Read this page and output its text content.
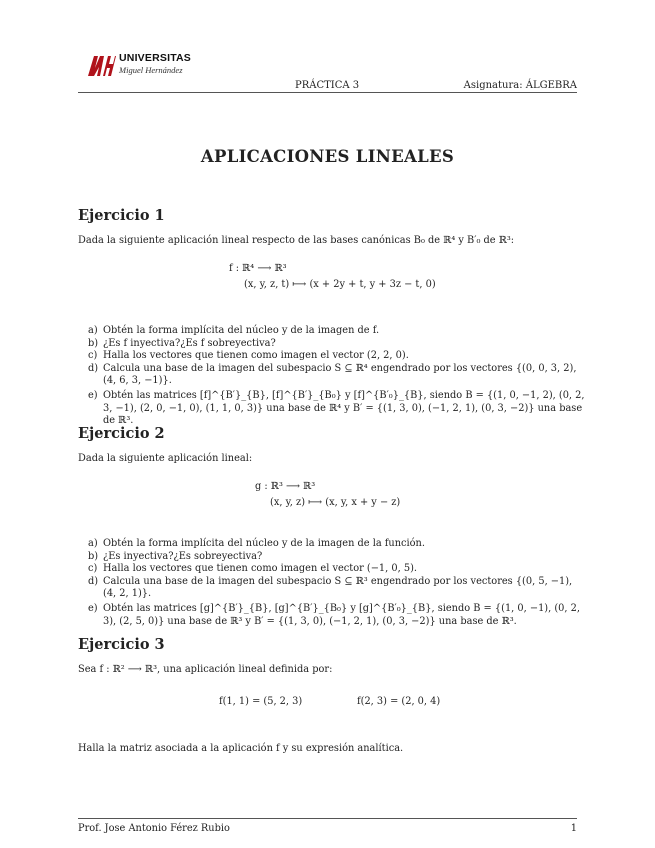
UNIVERSITAS
Miguel Hernández
PRÁCTICA 3	Asignatura: ÁLGEBRA
APLICACIONES LINEALES
Ejercicio 1

Dada la siguiente aplicación lineal respecto de las bases canónicas B₀ de ℝ⁴ y B′₀ de ℝ³:

f : ℝ⁴ ⟶ ℝ³
(x, y, z, t) ⟼ (x + 2y + t, y + 3z − t, 0)
a) Obtén la forma implícita del núcleo y de la imagen de f.
b) ¿Es f inyectiva?¿Es f sobreyectiva?
c) Halla los vectores que tienen como imagen el vector (2, 2, 0).
d) Calcula una base de la imagen del subespacio S ⊆ ℝ⁴ engendrado por los vectores {(0, 0, 3, 2), (4, 6, 3, −1)}.
e) Obtén las matrices [f]^{B′}_{B}, [f]^{B′}_{B₀} y [f]^{B′₀}_{B}, siendo B = {(1, 0, −1, 2), (0, 2, 3, −1), (2, 0, −1, 0), (1, 1, 0, 3)} una base de ℝ⁴ y B′ = {(1, 3, 0), (−1, 2, 1), (0, 3, −2)} una base de ℝ³.
Ejercicio 2

Dada la siguiente aplicación lineal:

g : ℝ³ ⟶ ℝ³
(x, y, z) ⟼ (x, y, x + y − z)
a) Obtén la forma implícita del núcleo y de la imagen de la función.
b) ¿Es inyectiva?¿Es sobreyectiva?
c) Halla los vectores que tienen como imagen el vector (−1, 0, 5).
d) Calcula una base de la imagen del subespacio S ⊆ ℝ³ engendrado por los vectores {(0, 5, −1), (4, 2, 1)}.
e) Obtén las matrices [g]^{B′}_{B}, [g]^{B′}_{B₀} y [g]^{B′₀}_{B}, siendo B = {(1, 0, −1), (0, 2, 3), (2, 5, 0)} una base de ℝ³ y B′ = {(1, 3, 0), (−1, 2, 1), (0, 3, −2)} una base de ℝ³.
Ejercicio 3

Sea f : ℝ² ⟶ ℝ³, una aplicación lineal definida por:

f(1, 1) = (5, 2, 3)	f(2, 3) = (2, 0, 4)

Halla la matriz asociada a la aplicación f y su expresión analítica.

Prof. Jose Antonio Férez Rubio	1
